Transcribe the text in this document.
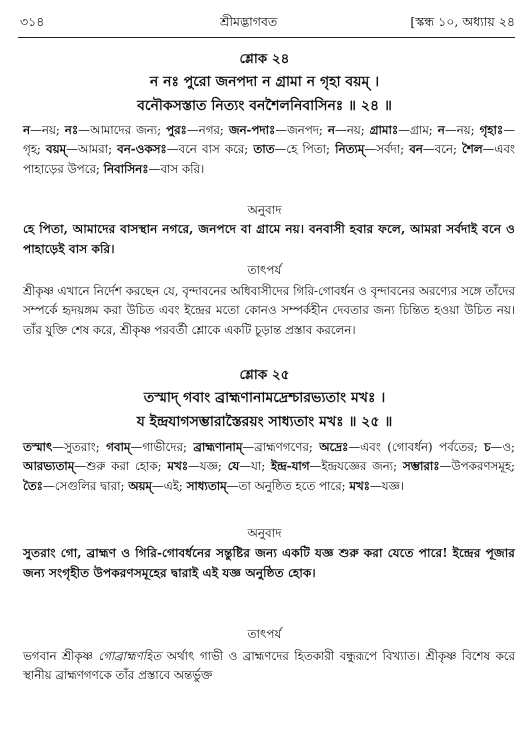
৩১৪	শ্রীমদ্ভাগবত	[স্কন্ধ ১০, অধ্যায় ২৪
শ্লোক ২৪
ন নঃ পুরো জনপদা ন গ্রামা ন গৃহা বয়ম্ ।
বনৌকসস্তাত নিত্যং বনশৈলনিবাসিনঃ ॥ ২৪ ॥
ন—নয়; নঃ—আমাদের জন্য; পুরঃ—নগর; জন-পদাঃ—জনপদ; ন—নয়; গ্রামাঃ—গ্রাম; ন—নয়; গৃহাঃ—গৃহ; বয়ম্—আমরা; বন-ওকসঃ—বনে বাস করে; তাত—হে পিতা; নিত্যম্—সর্বদা; বন—বনে; শৈল—এবং পাহাড়ের উপরে; নিবাসিনঃ—বাস করি।
অনুবাদ
হে পিতা, আমাদের বাসস্থান নগরে, জনপদে বা গ্রামে নয়। বনবাসী হবার ফলে, আমরা সর্বদাই বনে ও পাহাড়েই বাস করি।
তাৎপর্য
শ্রীকৃষ্ণ এখানে নির্দেশ করছেন যে, বৃন্দাবনের অধিবাসীদের গিরি-গোবর্ধন ও বৃন্দাবনের অরণ্যের সঙ্গে তাঁদের সম্পর্কে হৃদয়ঙ্গম করা উচিত এবং ইন্দ্রের মতো কোনও সম্পর্কহীন দেবতার জন্য চিন্তিত হওয়া উচিত নয়। তাঁর যুক্তি শেষ করে, শ্রীকৃষ্ণ পরবর্তী শ্লোকে একটি চূড়ান্ত প্রস্তাব করলেন।
শ্লোক ২৫
তস্মাদ্ গবাং ব্রাহ্মণানামদ্রেশ্চারভ্যতাং মখঃ ।
য ইন্দ্রযাগসম্ভারাস্তৈরয়ং সাধ্যতাং মখঃ ॥ ২৫ ॥
তস্মাৎ—সুতরাং; গবাম্—গাভীদের; ব্রাহ্মণানাম্—ব্রাহ্মণগণের; অদ্রেঃ—এবং (গোবর্ধন) পর্বতের; চ—ও; আরভ্যতাম্—শুরু করা হোক; মখঃ—যজ্ঞ; যে—যা; ইন্দ্র-যাগ—ইন্দ্রযজ্ঞের জন্য; সম্ভারাঃ—উপকরণসমূহ; তৈঃ—সেগুলির দ্বারা; অয়ম্—এই; সাধ্যতাম্—তা অনুষ্ঠিত হতে পারে; মখঃ—যজ্ঞ।
অনুবাদ
সুতরাং গো, ব্রাহ্মণ ও গিরি-গোবর্ধনের সন্তুষ্টির জন্য একটি যজ্ঞ শুরু করা যেতে পারে! ইন্দ্রের পূজার জন্য সংগৃহীত উপকরণসমূহের দ্বারাই এই যজ্ঞ অনুষ্ঠিত হোক।
তাৎপর্য
ভগবান শ্রীকৃষ্ণ গোব্রাহ্মণহিত অর্থাৎ গাভী ও ব্রাহ্মণদের হিতকারী বন্ধুরূপে বিখ্যাত। শ্রীকৃষ্ণ বিশেষ করে স্থানীয় ব্রাহ্মণগণকে তাঁর প্রস্তাবে অন্তর্ভুক্ত
